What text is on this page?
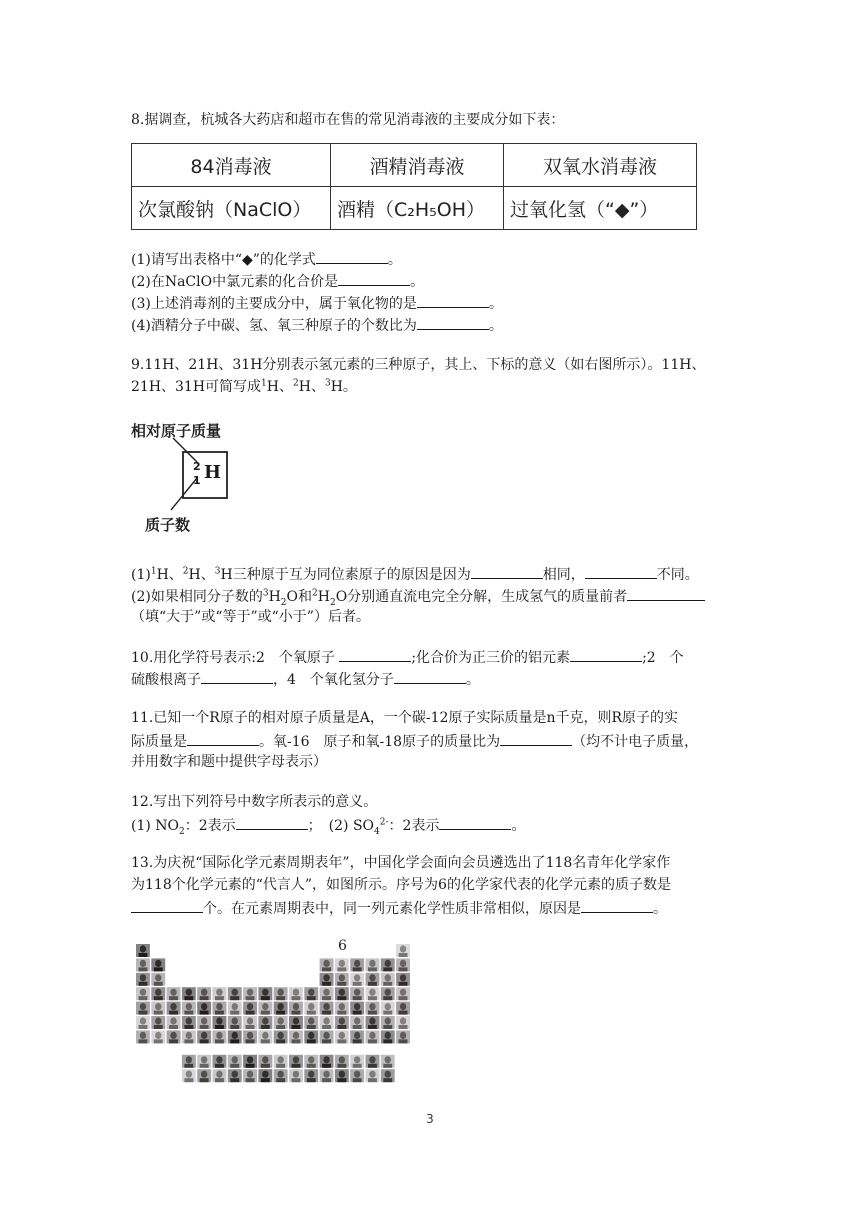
8.据调查，杭城各大药店和超市在售的常见消毒液的主要成分如下表：
84消毒液	酒精消毒液	双氧水消毒液
次氯酸钠（NaClO）	酒精（C₂H₅OH）	过氧化氢（“◆”）
(1)请写出表格中“◆”的化学式	。
(2)在NaClO中氯元素的化合价是	。
(3)上述消毒剂的主要成分中，属于氧化物的是	。
(4)酒精分子中碳、氢、氧三种原子的个数比为	。
9.11H、21H、31H分别表示氢元素的三种原子，其上、下标的意义（如右图所示）。11H、
21H、31H可简写成$^1$H、$^2$H、$^3$H。
相对原子质量
2
1 H
质子数
$(1)^1H$、$^2$H、$^3$H三种原于互为同位素原子的原因是因为	相同，	不同。
(2)如果相同分子数的$^3H_2O$和$^2H_2O$分别通直流电完全分解，生成氢气的质量前者
（填“大于”或“等于”或“小于”）后者。
10.用化学符号表示:2　个氧原子	;化合价为正三价的铝元素	;2　个
硫酸根离子	，4　个氧化氢分子	。
11.已知一个R原子的相对原子质量是A，一个碳-12原子实际质量是n千克，则R原子的实
际质量是	。氧-16　原子和氧-18原子的质量比为	（均不计电子质量，
并用数字和题中提供字母表示）
12.写出下列符号中数字所表示的意义。
(1) $NO_2$：2表示	；　(2) $SO_4^{2-}$：2表示	。
13.为庆祝“国际化学元素周期表年”，中国化学会面向会员遴选出了118名青年化学家作
为118个化学元素的“代言人”，如图所示。序号为6的化学家代表的化学元素的质子数是
个。在元素周期表中，同一列元素化学性质非常相似，原因是	。
6
3
